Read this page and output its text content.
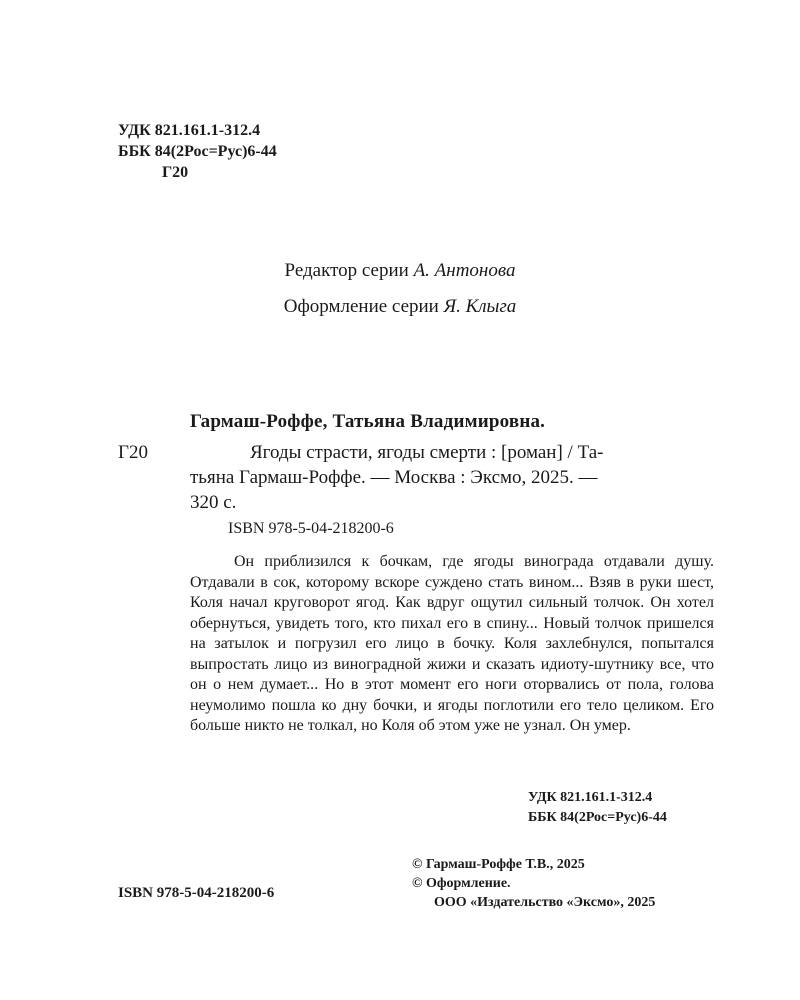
УДК 821.161.1-312.4
ББК 84(2Рос=Рус)6-44
Г20
Редактор серии А. Антонова
Оформление серии Я. Клыга
Гармаш-Роффе, Татьяна Владимировна.
Г20	Ягоды страсти, ягоды смерти : [роман] / Та-
тьяна Гармаш-Роффе. — Москва : Эксмо, 2025. —
320 с.
ISBN 978-5-04-218200-6

Он приблизился к бочкам, где ягоды винограда отдавали душу. Отдавали в сок, которому вскоре суждено стать вином... Взяв в руки шест, Коля начал круговорот ягод. Как вдруг ощутил сильный толчок. Он хотел обернуться, увидеть того, кто пихал его в спину... Новый толчок пришелся на затылок и погрузил его лицо в бочку. Коля захлебнулся, попытался выпростать лицо из виноградной жижи и сказать идиоту-шутнику все, что он о нем думает... Но в этот момент его ноги оторвались от пола, голова неумолимо пошла ко дну бочки, и ягоды поглотили его тело целиком. Его больше никто не толкал, но Коля об этом уже не узнал. Он умер.

УДК 821.161.1-312.4
ББК 84(2Рос=Рус)6-44
ISBN 978-5-04-218200-6
© Гармаш-Роффе Т.В., 2025
© Оформление.
ООО «Издательство «Эксмо», 2025
